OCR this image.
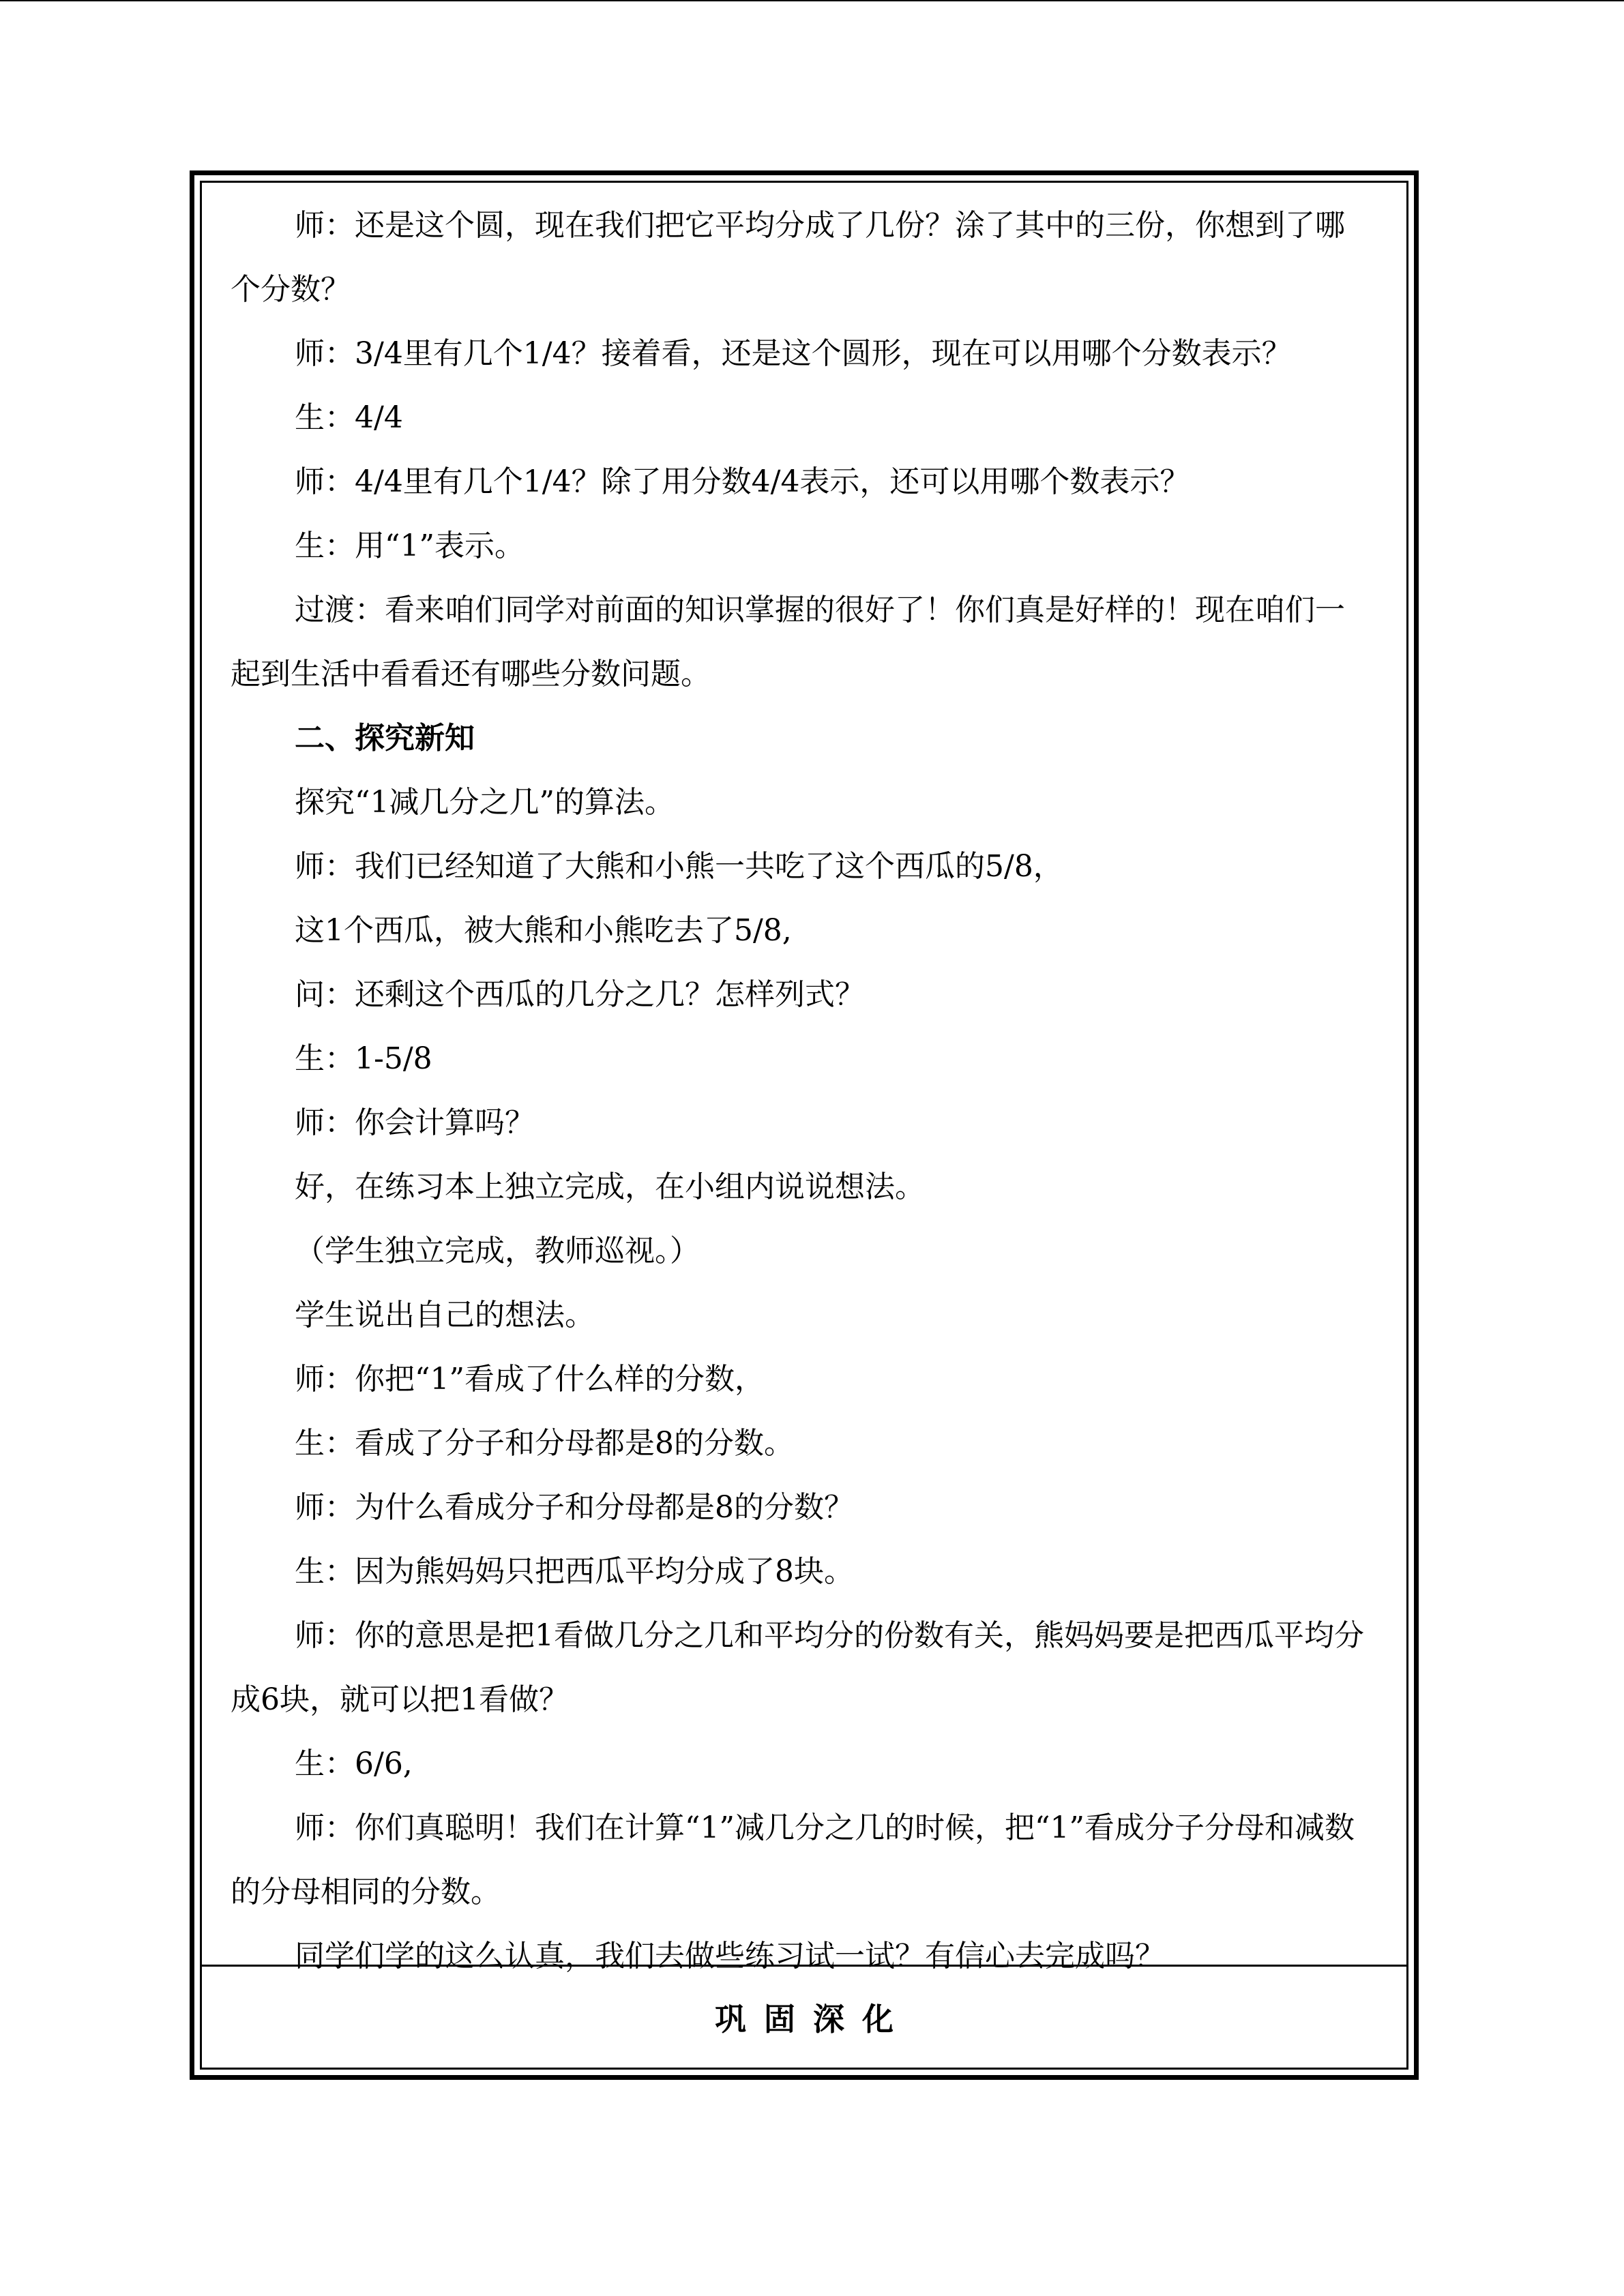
师：还是这个圆，现在我们把它平均分成了几份？涂了其中的三份，你想到了哪个分数？

师：3/4里有几个1/4？接着看，还是这个圆形，现在可以用哪个分数表示？

生：4/4

师：4/4里有几个1/4？除了用分数4/4表示，还可以用哪个数表示？

生：用“1”表示。

过渡：看来咱们同学对前面的知识掌握的很好了！你们真是好样的！现在咱们一起到生活中看看还有哪些分数问题。

二、探究新知

探究“1减几分之几”的算法。

师：我们已经知道了大熊和小熊一共吃了这个西瓜的5/8，

这1个西瓜，被大熊和小熊吃去了5/8,

问：还剩这个西瓜的几分之几？怎样列式？

生：1-5/8

师：你会计算吗？

好，在练习本上独立完成，在小组内说说想法。

（学生独立完成，教师巡视。）

学生说出自己的想法。

师：你把“1”看成了什么样的分数，

生：看成了分子和分母都是8的分数。

师：为什么看成分子和分母都是8的分数？

生：因为熊妈妈只把西瓜平均分成了8块。

师：你的意思是把1看做几分之几和平均分的份数有关，熊妈妈要是把西瓜平均分成6块，就可以把1看做？

生：6/6,

师：你们真聪明！我们在计算“1”减几分之几的时候，把“1”看成分子分母和减数的分母相同的分数。

同学们学的这么认真，我们去做些练习试一试？有信心去完成吗？

巩固深化
